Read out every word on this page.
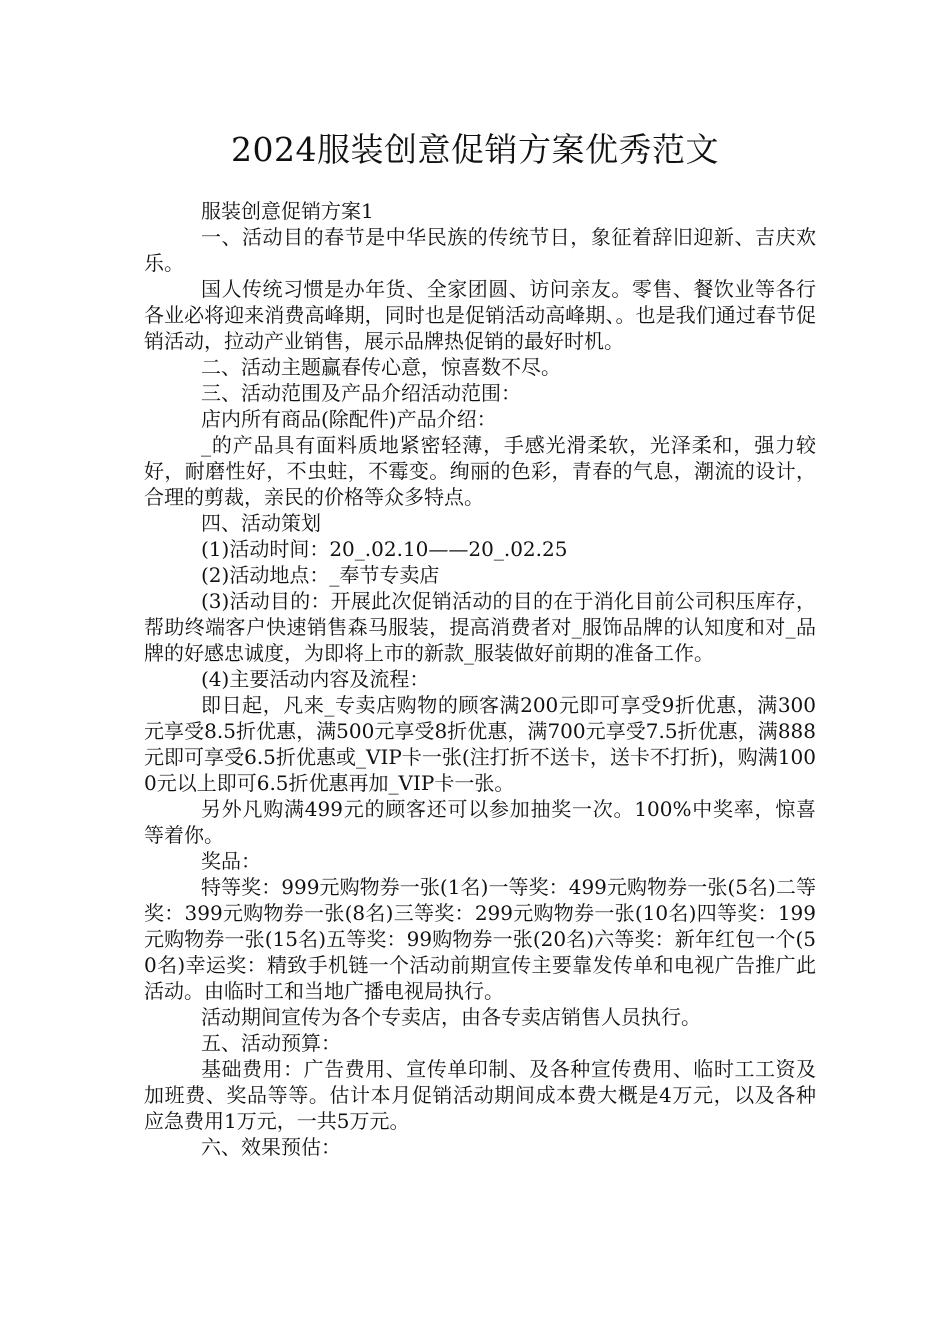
2024服装创意促销方案优秀范文

服装创意促销方案1

一、活动目的春节是中华民族的传统节日，象征着辞旧迎新、吉庆欢乐。

国人传统习惯是办年货、全家团圆、访问亲友。零售、餐饮业等各行各业必将迎来消费高峰期，同时也是促销活动高峰期、。也是我们通过春节促销活动，拉动产业销售，展示品牌热促销的最好时机。

二、活动主题赢春传心意，惊喜数不尽。

三、活动范围及产品介绍活动范围：

店内所有商品(除配件)产品介绍：

_的产品具有面料质地紧密轻薄，手感光滑柔软，光泽柔和，强力较好，耐磨性好，不虫蛀，不霉变。绚丽的色彩，青春的气息，潮流的设计，合理的剪裁，亲民的价格等众多特点。

四、活动策划

(1)活动时间：20_.02.10——20_.02.25

(2)活动地点：_奉节专卖店

(3)活动目的：开展此次促销活动的目的在于消化目前公司积压库存，帮助终端客户快速销售森马服装，提高消费者对_服饰品牌的认知度和对_品牌的好感忠诚度，为即将上市的新款_服装做好前期的准备工作。

(4)主要活动内容及流程：

即日起，凡来_专卖店购物的顾客满200元即可享受9折优惠，满300元享受8.5折优惠，满500元享受8折优惠，满700元享受7.5折优惠，满888元即可享受6.5折优惠或_VIP卡一张(注打折不送卡，送卡不打折)，购满1000元以上即可6.5折优惠再加_VIP卡一张。

另外凡购满499元的顾客还可以参加抽奖一次。100%中奖率，惊喜等着你。

奖品：

特等奖：999元购物券一张(1名)一等奖：499元购物券一张(5名)二等奖：399元购物券一张(8名)三等奖：299元购物券一张(10名)四等奖：199元购物券一张(15名)五等奖：99购物券一张(20名)六等奖：新年红包一个(50名)幸运奖：精致手机链一个活动前期宣传主要靠发传单和电视广告推广此活动。由临时工和当地广播电视局执行。

活动期间宣传为各个专卖店，由各专卖店销售人员执行。

五、活动预算：

基础费用：广告费用、宣传单印制、及各种宣传费用、临时工工资及加班费、奖品等等。估计本月促销活动期间成本费大概是4万元，以及各种应急费用1万元，一共5万元。

六、效果预估：
